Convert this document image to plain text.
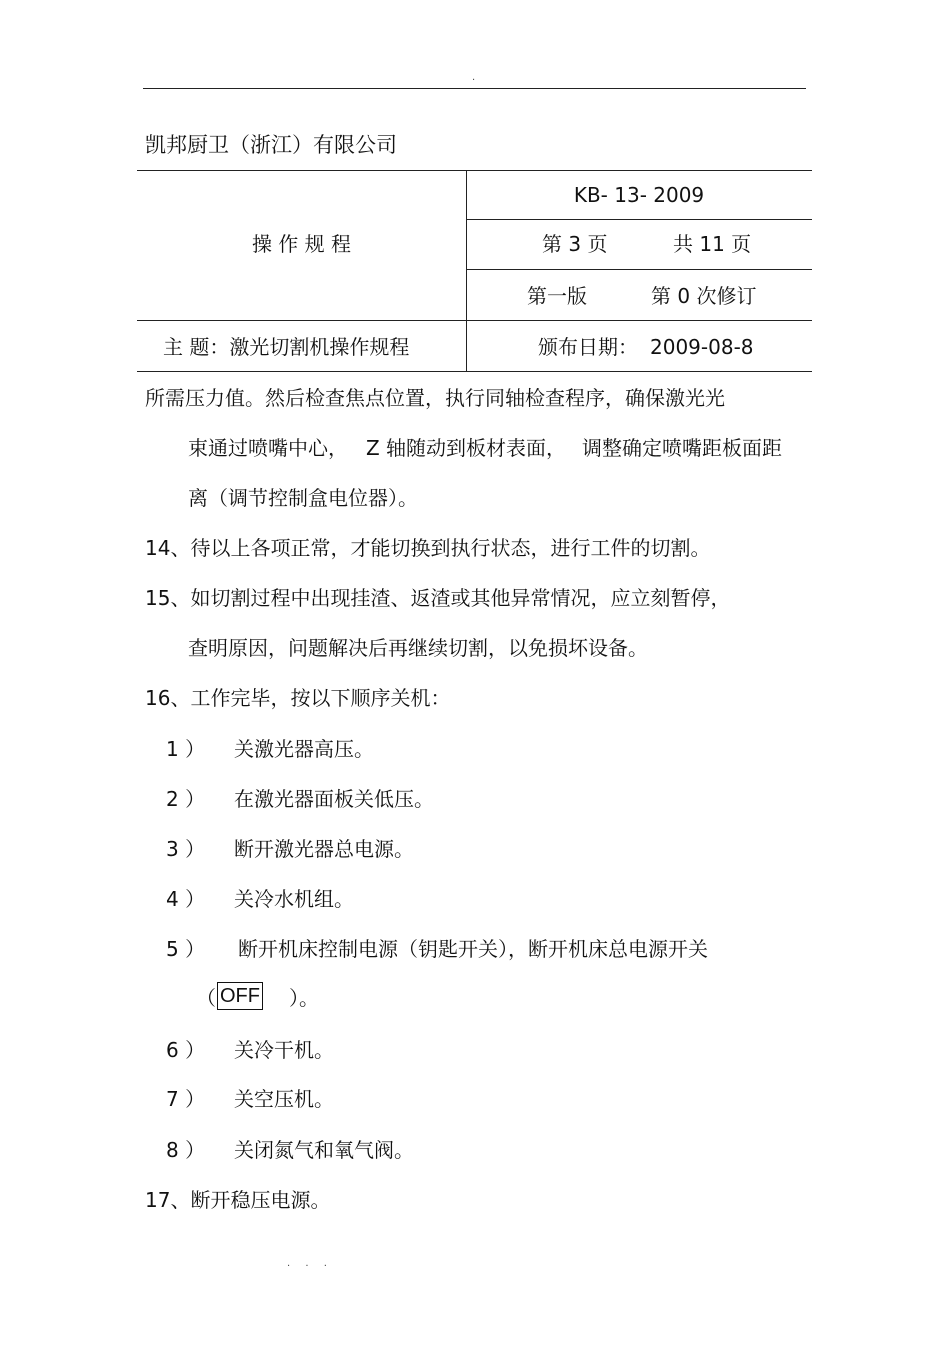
.
凯邦厨卫（浙江）有限公司
操 作 规 程
KB- 13- 2009
第 3 页	共 11 页
第一版	第 0 次修订
主 题：激光切割机操作规程	颁布日期： 2009-08-8
所需压力值。然后检查焦点位置，执行同轴检查程序，确保激光光
束通过喷嘴中心， Z 轴随动到板材表面， 调整确定喷嘴距板面距
离（调节控制盒电位器）。
14、待以上各项正常，才能切换到执行状态，进行工件的切割。
15、如切割过程中出现挂渣、返渣或其他异常情况，应立刻暂停，
查明原因，问题解决后再继续切割，以免损坏设备。
16、工作完毕，按以下顺序关机：
1 ） 关激光器高压。
2 ） 在激光器面板关低压。
3 ） 断开激光器总电源。
4 ） 关冷水机组。
5 ） 断开机床控制电源（钥匙开关），断开机床总电源开关
（ OFF ）。
6 ） 关冷干机。
7 ） 关空压机。
8 ） 关闭氮气和氧气阀。
17、断开稳压电源。
. . .
